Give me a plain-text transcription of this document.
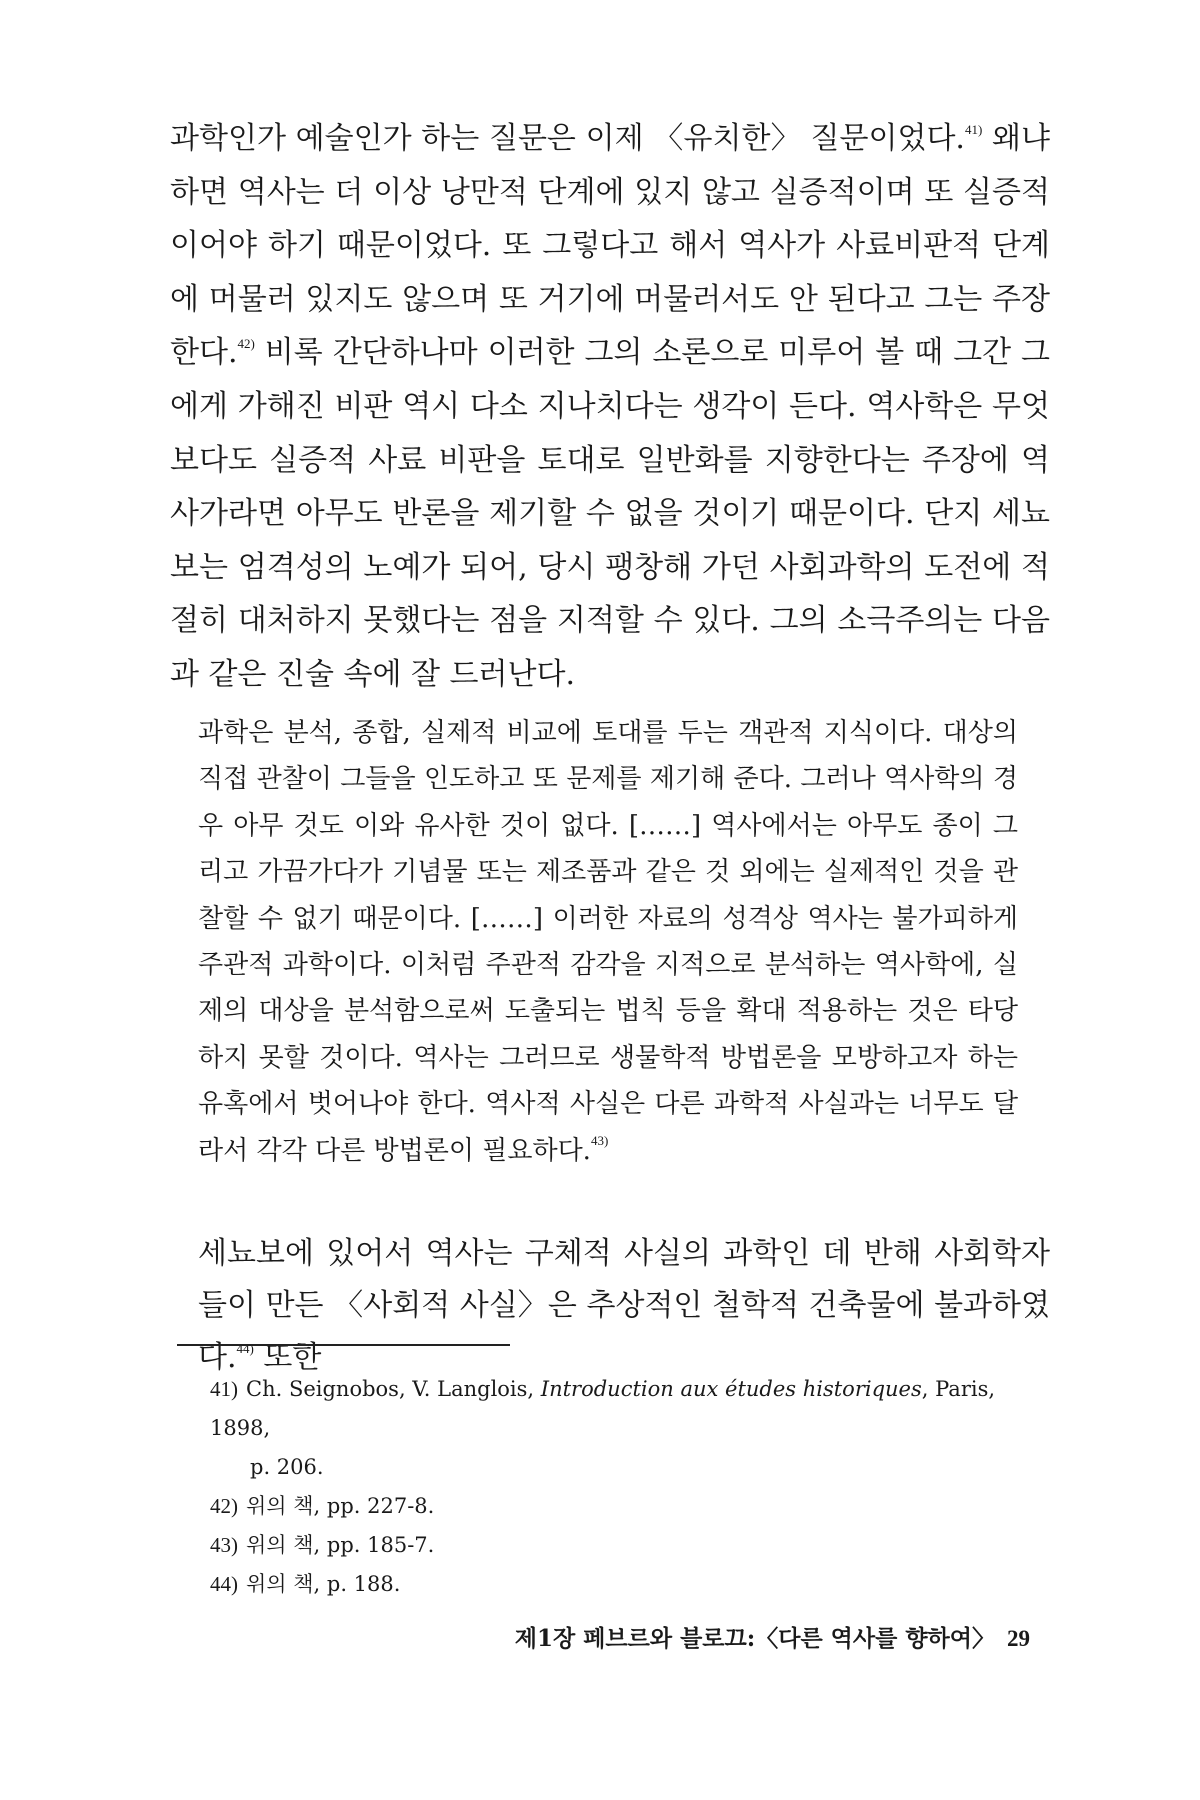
과학인가 예술인가 하는 질문은 이제 〈유치한〉 질문이었다.$^{41)}$ 왜냐하면 역사는 더 이상 낭만적 단계에 있지 않고 실증적이며 또 실증적이어야 하기 때문이었다. 또 그렇다고 해서 역사가 사료비판적 단계에 머물러 있지도 않으며 또 거기에 머물러서도 안 된다고 그는 주장한다.$^{42)}$ 비록 간단하나마 이러한 그의 소론으로 미루어 볼 때 그간 그에게 가해진 비판 역시 다소 지나치다는 생각이 든다. 역사학은 무엇보다도 실증적 사료 비판을 토대로 일반화를 지향한다는 주장에 역사가라면 아무도 반론을 제기할 수 없을 것이기 때문이다. 단지 세뇨보는 엄격성의 노예가 되어, 당시 팽창해 가던 사회과학의 도전에 적절히 대처하지 못했다는 점을 지적할 수 있다. 그의 소극주의는 다음과 같은 진술 속에 잘 드러난다.

과학은 분석, 종합, 실제적 비교에 토대를 두는 객관적 지식이다. 대상의 직접 관찰이 그들을 인도하고 또 문제를 제기해 준다. 그러나 역사학의 경우 아무 것도 이와 유사한 것이 없다. [……] 역사에서는 아무도 종이 그리고 가끔가다가 기념물 또는 제조품과 같은 것 외에는 실제적인 것을 관찰할 수 없기 때문이다. [……] 이러한 자료의 성격상 역사는 불가피하게 주관적 과학이다. 이처럼 주관적 감각을 지적으로 분석하는 역사학에, 실제의 대상을 분석함으로써 도출되는 법칙 등을 확대 적용하는 것은 타당하지 못할 것이다. 역사는 그러므로 생물학적 방법론을 모방하고자 하는 유혹에서 벗어나야 한다. 역사적 사실은 다른 과학적 사실과는 너무도 달라서 각각 다른 방법론이 필요하다.$^{43)}$

세뇨보에 있어서 역사는 구체적 사실의 과학인 데 반해 사회학자들이 만든 〈사회적 사실〉은 추상적인 철학적 건축물에 불과하였다.$^{44)}$ 또한

41) Ch. Seignobos, V. Langlois, Introduction aux études historiques, Paris, 1898,
p. 206.
42) 위의 책, pp. 227-8.
43) 위의 책, pp. 185-7.
44) 위의 책, p. 188.
제1장 페브르와 블로끄:〈다른 역사를 향하여〉 29
